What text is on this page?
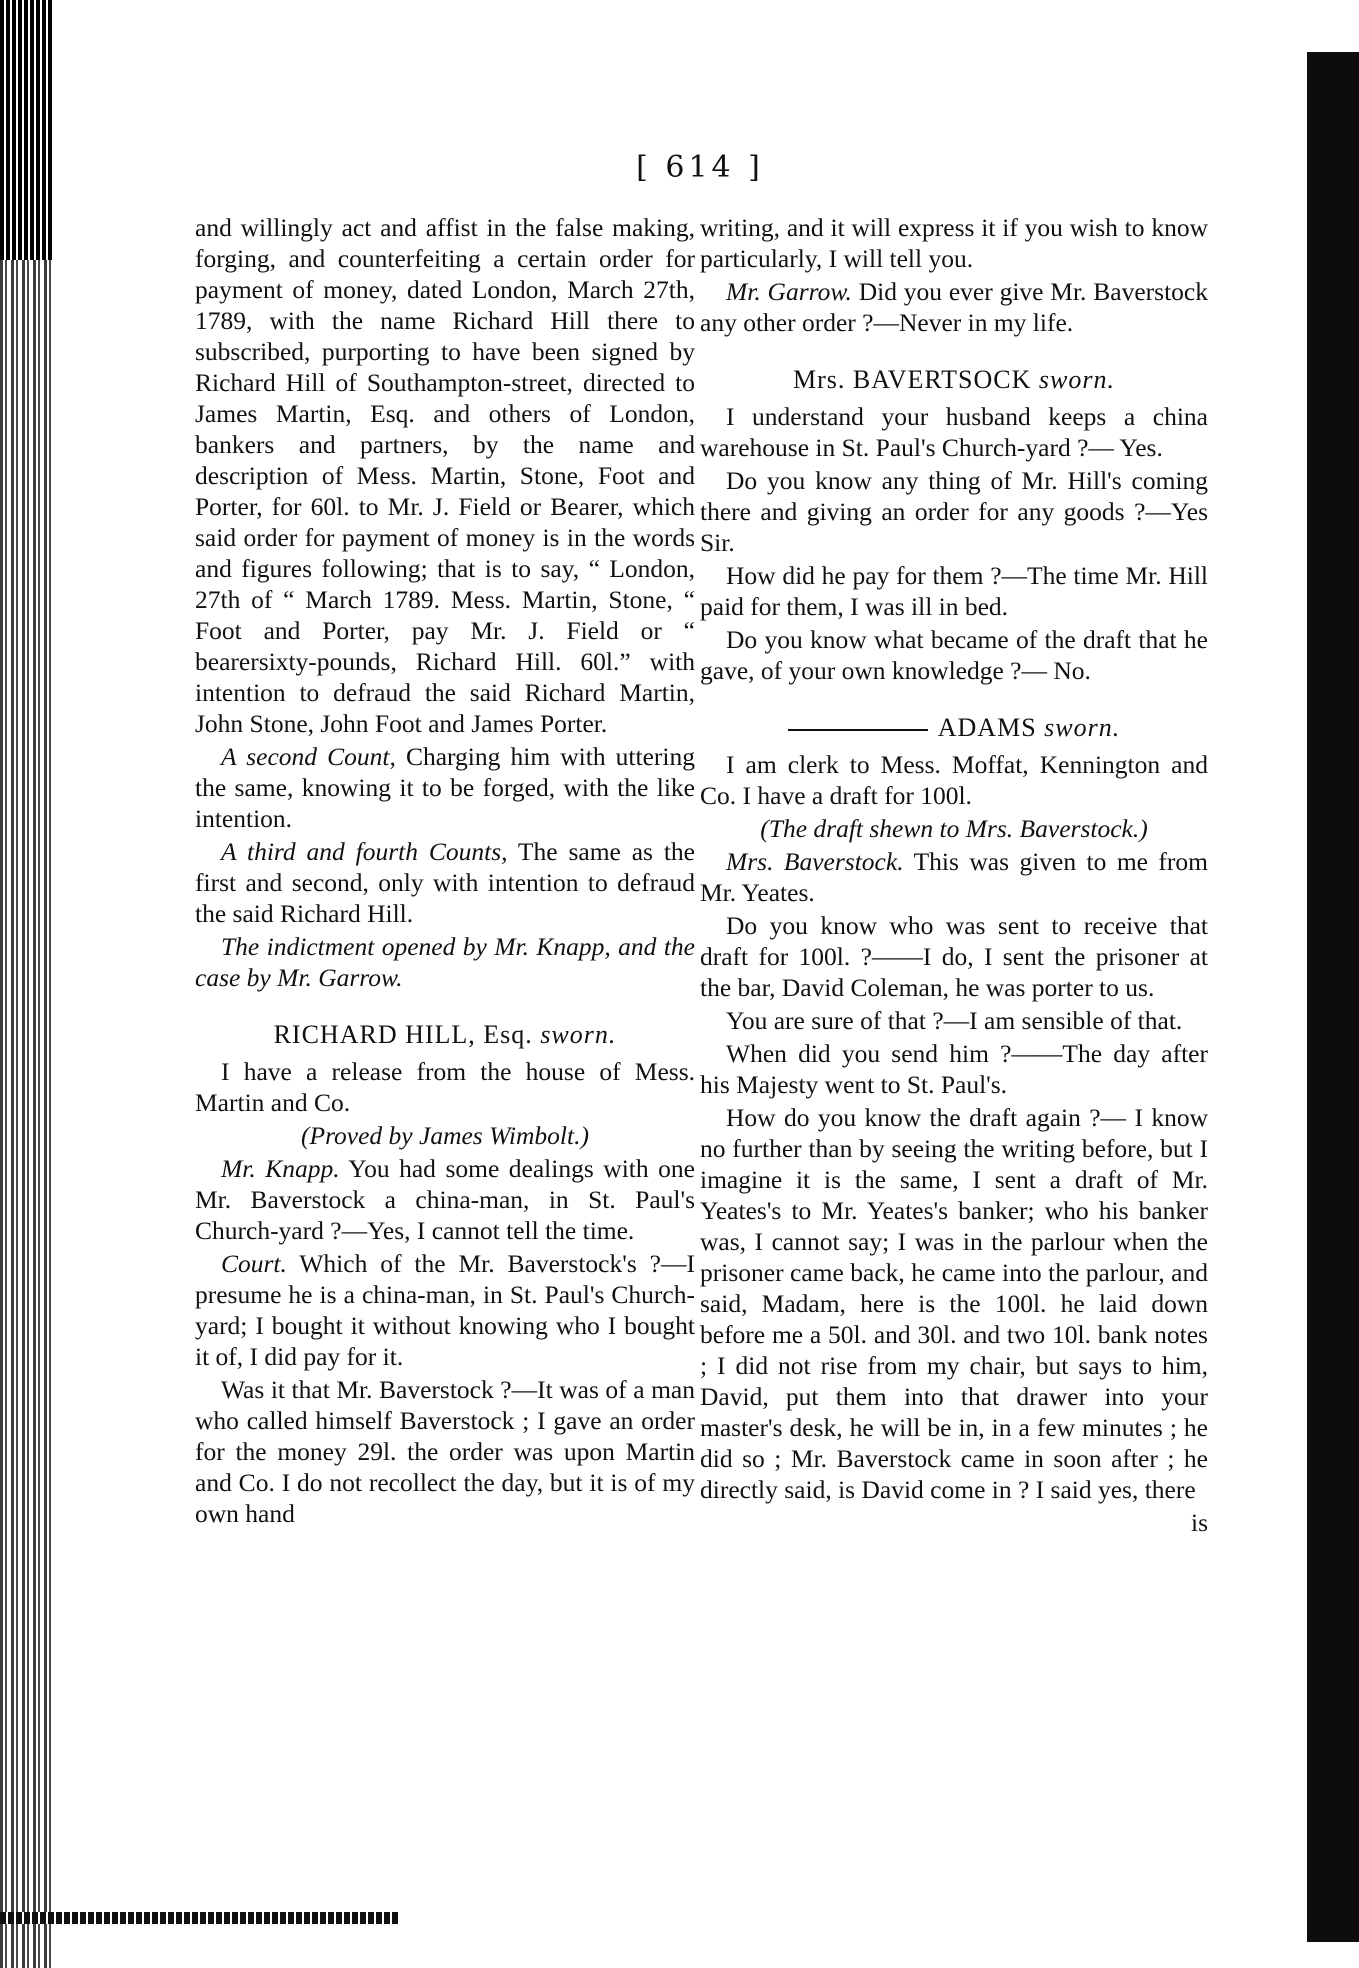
[ 614 ]

and willingly act and affist in the false making, forging, and counterfeiting a certain order for payment of money, dated London, March 27th, 1789, with the name Richard Hill there to subscribed, purporting to have been signed by Richard Hill of Southampton-street, directed to James Martin, Esq. and others of London, bankers and partners, by the name and description of Mess. Martin, Stone, Foot and Porter, for 60l. to Mr. J. Field or Bearer, which said order for payment of money is in the words and figures following; that is to say, “ London, 27th of “ March 1789. Mess. Martin, Stone, “ Foot and Porter, pay Mr. J. Field or “ bearersixty-pounds, Richard Hill. 60l.” with intention to defraud the said Richard Martin, John Stone, John Foot and James Porter.

A second Count, Charging him with uttering the same, knowing it to be forged, with the like intention.

A third and fourth Counts, The same as the first and second, only with intention to defraud the said Richard Hill.

The indictment opened by Mr. Knapp, and the case by Mr. Garrow.

RICHARD HILL, Esq. sworn.

I have a release from the house of Mess. Martin and Co.

(Proved by James Wimbolt.)

Mr. Knapp. You had some dealings with one Mr. Baverstock a china-man, in St. Paul's Church-yard ?—Yes, I cannot tell the time.

Court. Which of the Mr. Baverstock's ?—I presume he is a china-man, in St. Paul's Church-yard; I bought it without knowing who I bought it of, I did pay for it.

Was it that Mr. Baverstock ?—It was of a man who called himself Baverstock ; I gave an order for the money 29l. the order was upon Martin and Co. I do not recollect the day, but it is of my own hand

writing, and it will express it if you wish to know particularly, I will tell you.

Mr. Garrow. Did you ever give Mr. Baverstock any other order ?—Never in my life.

Mrs. BAVERTSOCK sworn.

I understand your husband keeps a china warehouse in St. Paul's Church-yard ?— Yes.

Do you know any thing of Mr. Hill's coming there and giving an order for any goods ?—Yes Sir.

How did he pay for them ?—The time Mr. Hill paid for them, I was ill in bed.

Do you know what became of the draft that he gave, of your own knowledge ?— No.

ADAMS sworn.

I am clerk to Mess. Moffat, Kennington and Co. I have a draft for 100l.

(The draft shewn to Mrs. Baverstock.)

Mrs. Baverstock. This was given to me from Mr. Yeates.

Do you know who was sent to receive that draft for 100l. ?——I do, I sent the prisoner at the bar, David Coleman, he was porter to us.

You are sure of that ?—I am sensible of that.

When did you send him ?——The day after his Majesty went to St. Paul's.

How do you know the draft again ?— I know no further than by seeing the writing before, but I imagine it is the same, I sent a draft of Mr. Yeates's to Mr. Yeates's banker; who his banker was, I cannot say; I was in the parlour when the prisoner came back, he came into the parlour, and said, Madam, here is the 100l. he laid down before me a 50l. and 30l. and two 10l. bank notes ; I did not rise from my chair, but says to him, David, put them into that drawer into your master's desk, he will be in, in a few minutes ; he did so ; Mr. Baverstock came in soon after ; he directly said, is David come in ? I said yes, there

is
